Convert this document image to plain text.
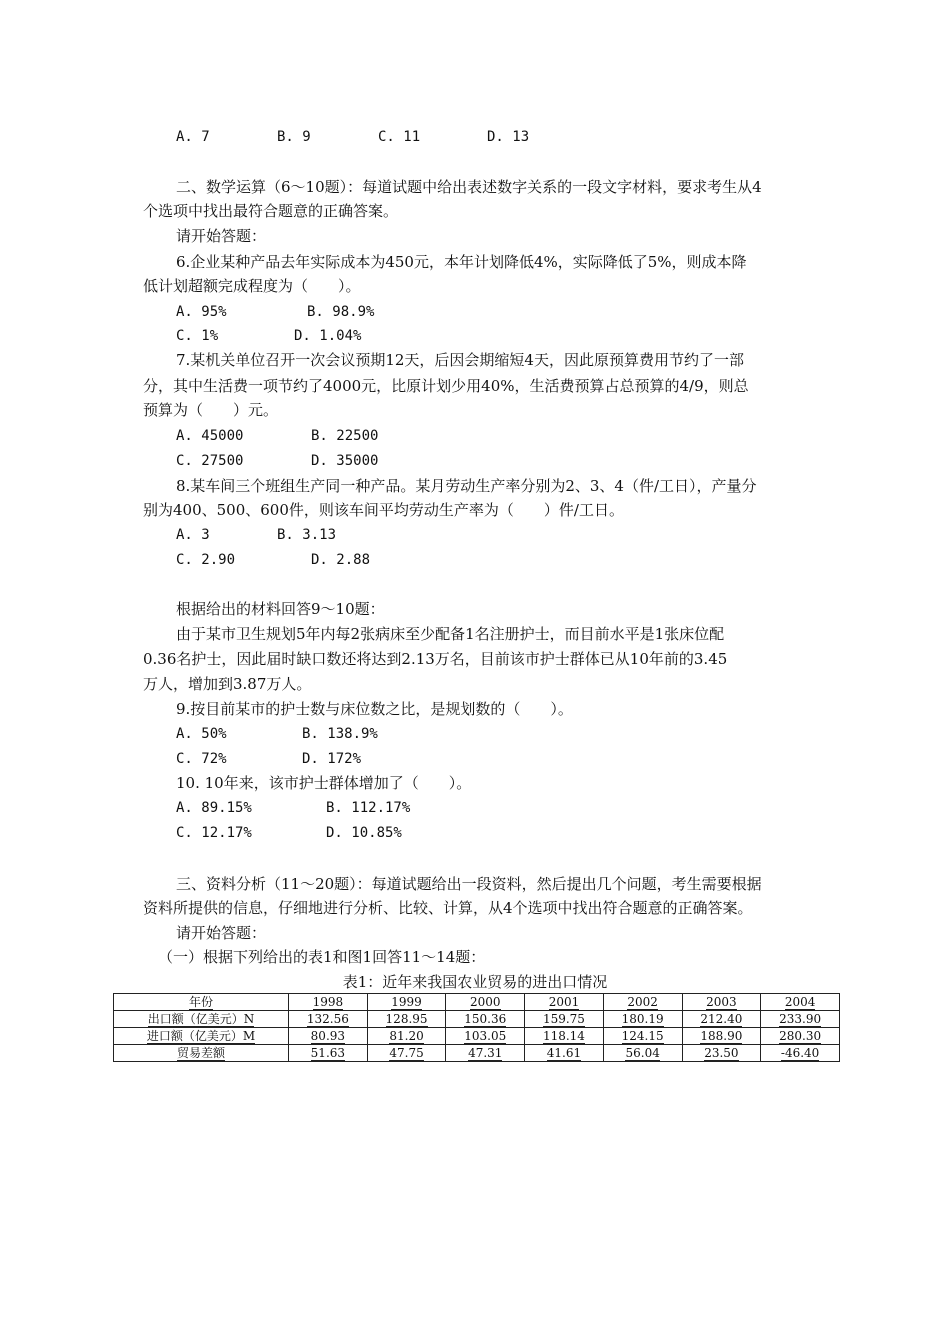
A. 7	B. 9	C. 11	D. 13
二、数学运算（6～10题）：每道试题中给出表述数字关系的一段文字材料，要求考生从4
个选项中找出最符合题意的正确答案。
请开始答题：
6.企业某种产品去年实际成本为450元，本年计划降低4%，实际降低了5%，则成本降
低计划超额完成程度为（　　）。
A. 95%	B. 98.9%
C. 1%	D. 1.04%
7.某机关单位召开一次会议预期12天，后因会期缩短4天，因此原预算费用节约了一部
分，其中生活费一项节约了4000元，比原计划少用40%，生活费预算占总预算的4/9，则总
预算为（　　）元。
A. 45000	B. 22500
C. 27500	D. 35000
8.某车间三个班组生产同一种产品。某月劳动生产率分别为2、3、4（件/工日），产量分
别为400、500、600件，则该车间平均劳动生产率为（　　）件/工日。
A. 3	B. 3.13
C. 2.90	D. 2.88
根据给出的材料回答9～10题：
由于某市卫生规划5年内每2张病床至少配备1名注册护士，而目前水平是1张床位配
0.36名护士，因此届时缺口数还将达到2.13万名，目前该市护士群体已从10年前的3.45
万人，增加到3.87万人。
9.按目前某市的护士数与床位数之比，是规划数的（　　）。
A. 50%	B. 138.9%
C. 72%	D. 172%
10. 10年来，该市护士群体增加了（　　）。
A. 89.15%	B. 112.17%
C. 12.17%	D. 10.85%
三、资料分析（11～20题）：每道试题给出一段资料，然后提出几个问题，考生需要根据
资料所提供的信息，仔细地进行分析、比较、计算，从4个选项中找出符合题意的正确答案。
请开始答题：
（一）根据下列给出的表1和图1回答11～14题：
表1：近年来我国农业贸易的进出口情况
年份	1998	1999	2000	2001	2002	2003	2004
出口额（亿美元）N	132.56	128.95	150.36	159.75	180.19	212.40	233.90
进口额（亿美元）M	80.93	81.20	103.05	118.14	124.15	188.90	280.30
贸易差额	51.63	47.75	47.31	41.61	56.04	23.50	-46.40
